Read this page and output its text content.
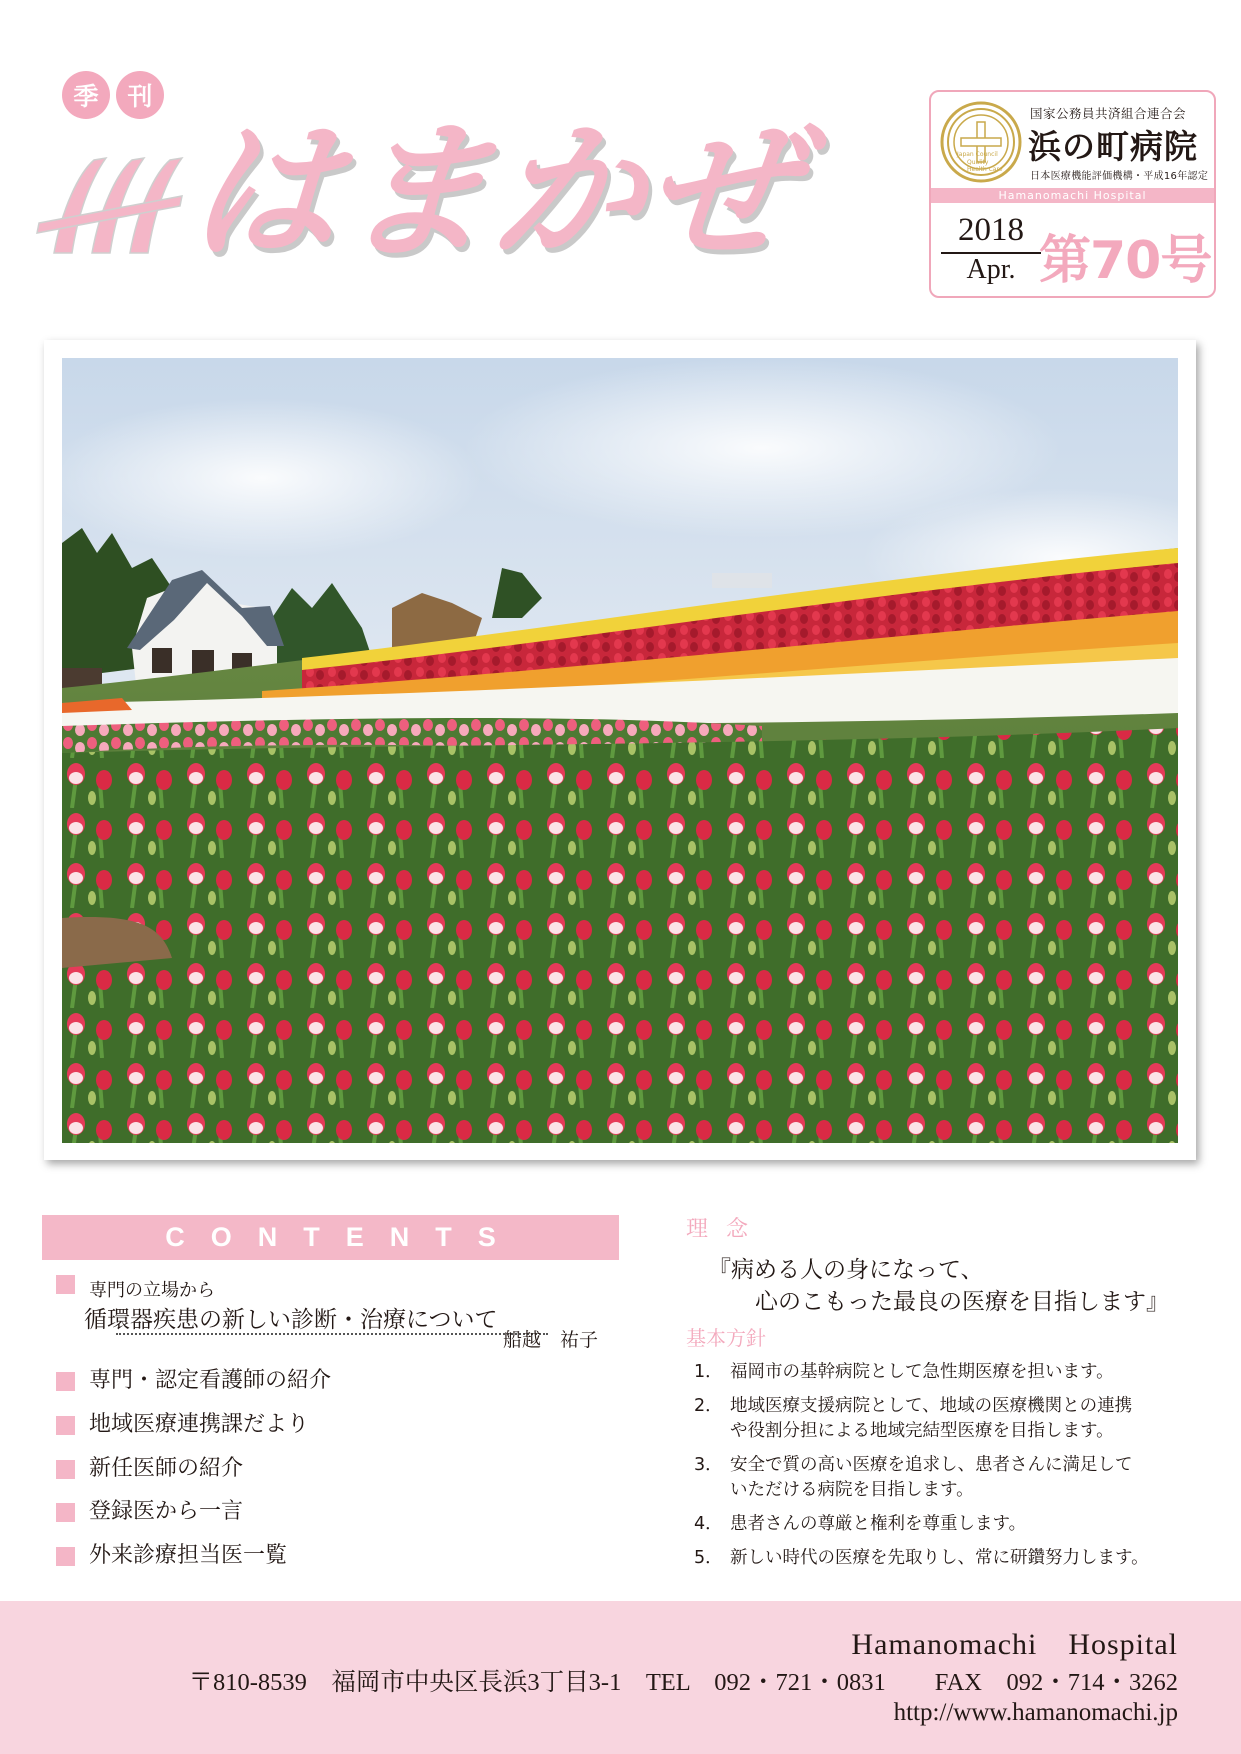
季	刊
はまかぜ	Japan Council
Quality
Health Care
国家公務員共済組合連合会
浜の町病院
日本医療機能評価機構・平成16年認定
Hamanomachi Hospital
2018
Apr. 第70号
CONTENTS
専門の立場から
循環器疾患の新しい診断・治療について
船越　祐子
専門・認定看護師の紹介
地域医療連携課だより
新任医師の紹介
登録医から一言
外来診療担当医一覧
理念
『病める人の身になって、
心のこもった最良の医療を目指します』
基本方針
1． 福岡市の基幹病院として急性期医療を担います。
2． 地域医療支援病院として、地域の医療機関との連携
や役割分担による地域完結型医療を目指します。
3． 安全で質の高い医療を追求し、患者さんに満足して
いただける病院を目指します。
4． 患者さんの尊厳と権利を尊重します。
5． 新しい時代の医療を先取りし、常に研鑽努力します。
Hamanomachi　Hospital
〒810-8539　福岡市中央区長浜3丁目3-1　TEL　092・721・0831　　FAX　092・714・3262
http://www.hamanomachi.jp
